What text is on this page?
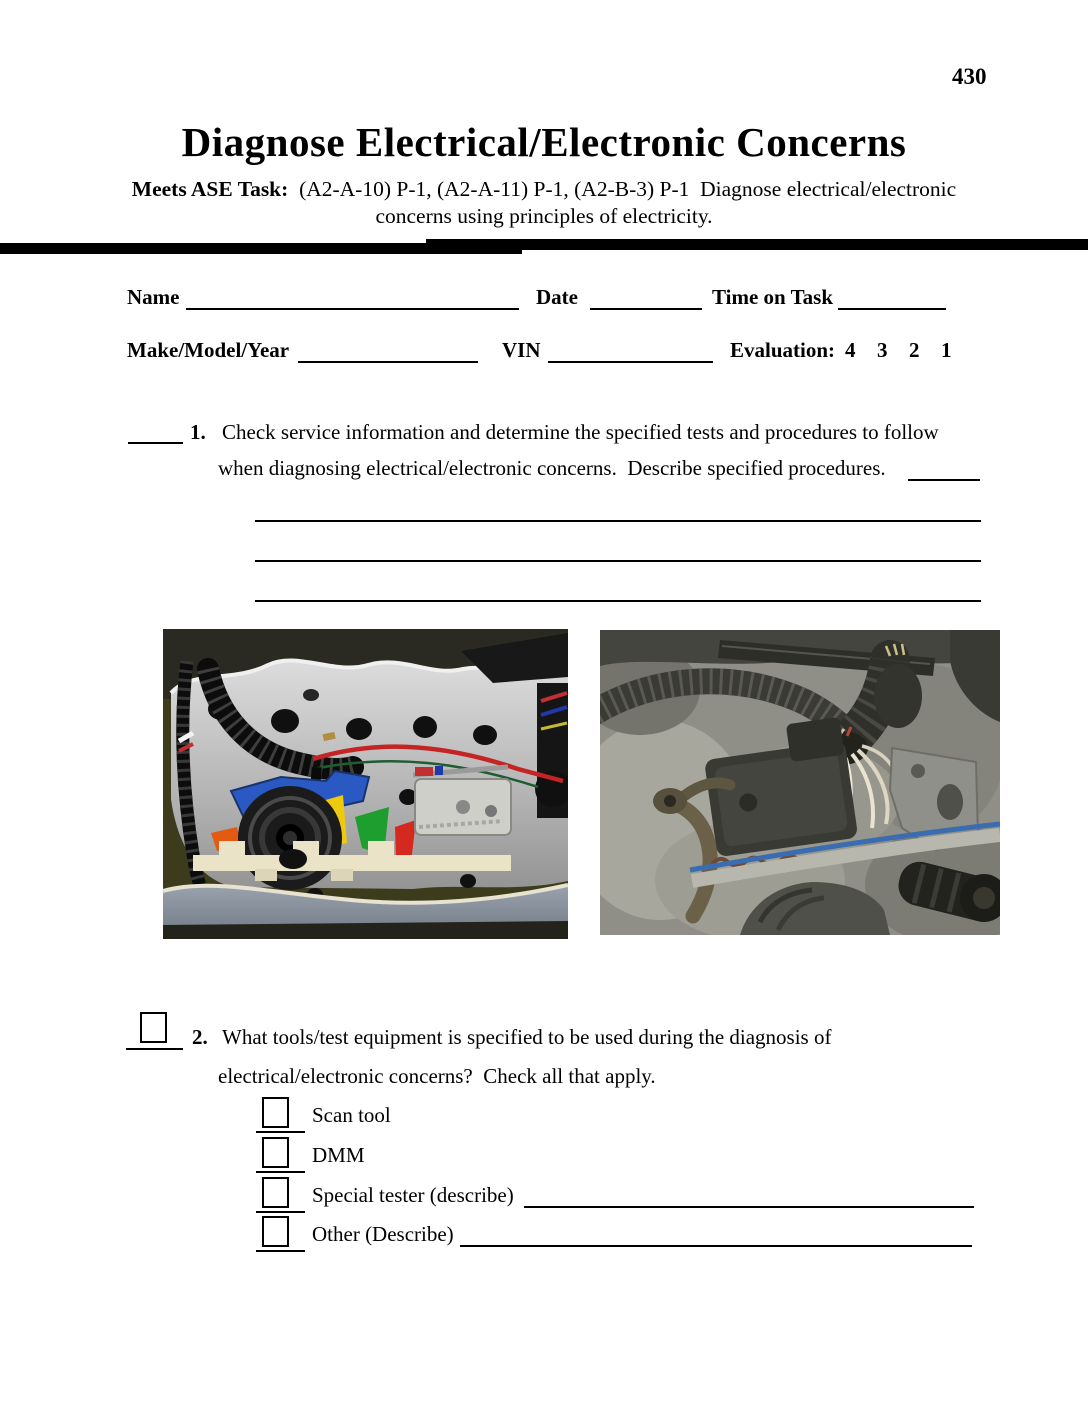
430
Diagnose Electrical/Electronic Concerns
Meets ASE Task:  (A2-A-10) P-1, (A2-A-11) P-1, (A2-B-3) P-1  Diagnose electrical/electronic
concerns using principles of electricity.
Name	Date	Time on Task
Make/Model/Year	VIN	Evaluation: 4 3 2 1
1. Check service information and determine the specified tests and procedures to follow
when diagnosing electrical/electronic concerns.  Describe specified procedures.
2. What tools/test equipment is specified to be used during the diagnosis of
electrical/electronic concerns?  Check all that apply.
Scan tool
DMM
Special tester (describe)
Other (Describe)
